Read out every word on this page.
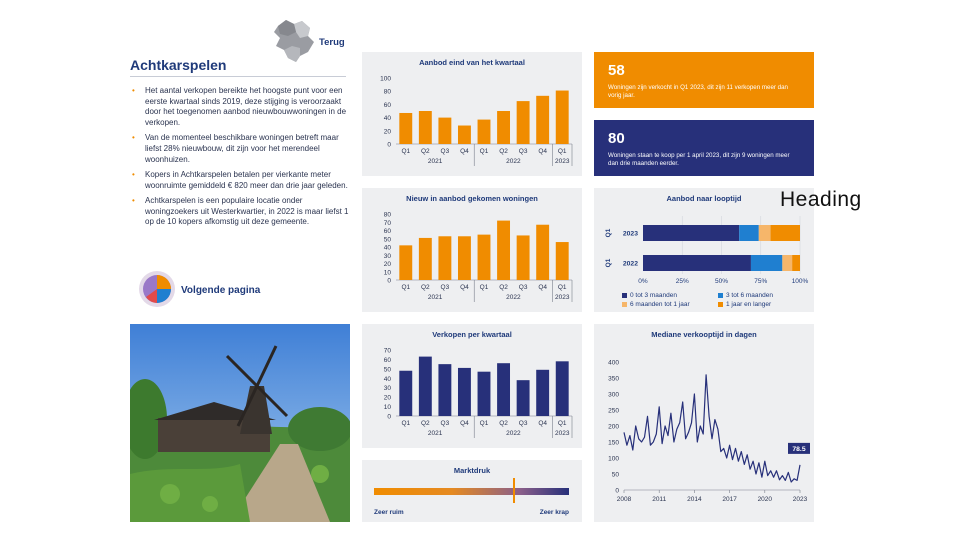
Terug
Achtkarspelen
• Het aantal verkopen bereikte het hoogste punt voor een eerste kwartaal sinds 2019, deze stijging is veroorzaakt door het toegenomen aanbod nieuwbouwwoningen in de verkopen.
• Van de momenteel beschikbare woningen betreft maar liefst 28% nieuwbouw, dit zijn voor het merendeel woonhuizen.
• Kopers in Achtkarspelen betalen per vierkante meter woonruimte gemiddeld € 820 meer dan drie jaar geleden.
• Achtkarspelen is een populaire locatie onder woningzoekers uit Westerkwartier, in 2022 is maar liefst 1 op de 10 kopers afkomstig uit deze gemeente.
Volgende pagina
Aanbod eind van het kwartaal
0
20
40
60
80
100
Q1 Q2 Q3 Q4 Q1 Q2 Q3 Q4 Q1
2021	2022	2023
Nieuw in aanbod gekomen woningen
0
10
20
30
40
50
60
70
80
Q1 Q2 Q3 Q4 Q1 Q2 Q3 Q4 Q1
2021	2022	2023
Verkopen per kwartaal
0
10
20
30
40
50
60
70
Q1 Q2 Q3 Q4 Q1 Q2 Q3 Q4 Q1
2021	2022	2023
Marktdruk
Zeer ruim	Zeer krap
58
Woningen zijn verkocht in Q1 2023, dit zijn 11 verkopen meer dan vorig jaar.
80
Woningen staan te koop per 1 april 2023, dit zijn 9 woningen meer dan drie maanden eerder.
Aanbod naar looptijd
2023
Q1
2022
Q1
0%	25%	50%	75%	100%
0 tot 3 maanden	3 tot 6 maanden
6 maanden tot 1 jaar	1 jaar en langer
Heading
Mediane verkooptijd in dagen
0
50
100
150
200
250
300
350
400
2008	2011	2014	2017	2020	2023
78.5
